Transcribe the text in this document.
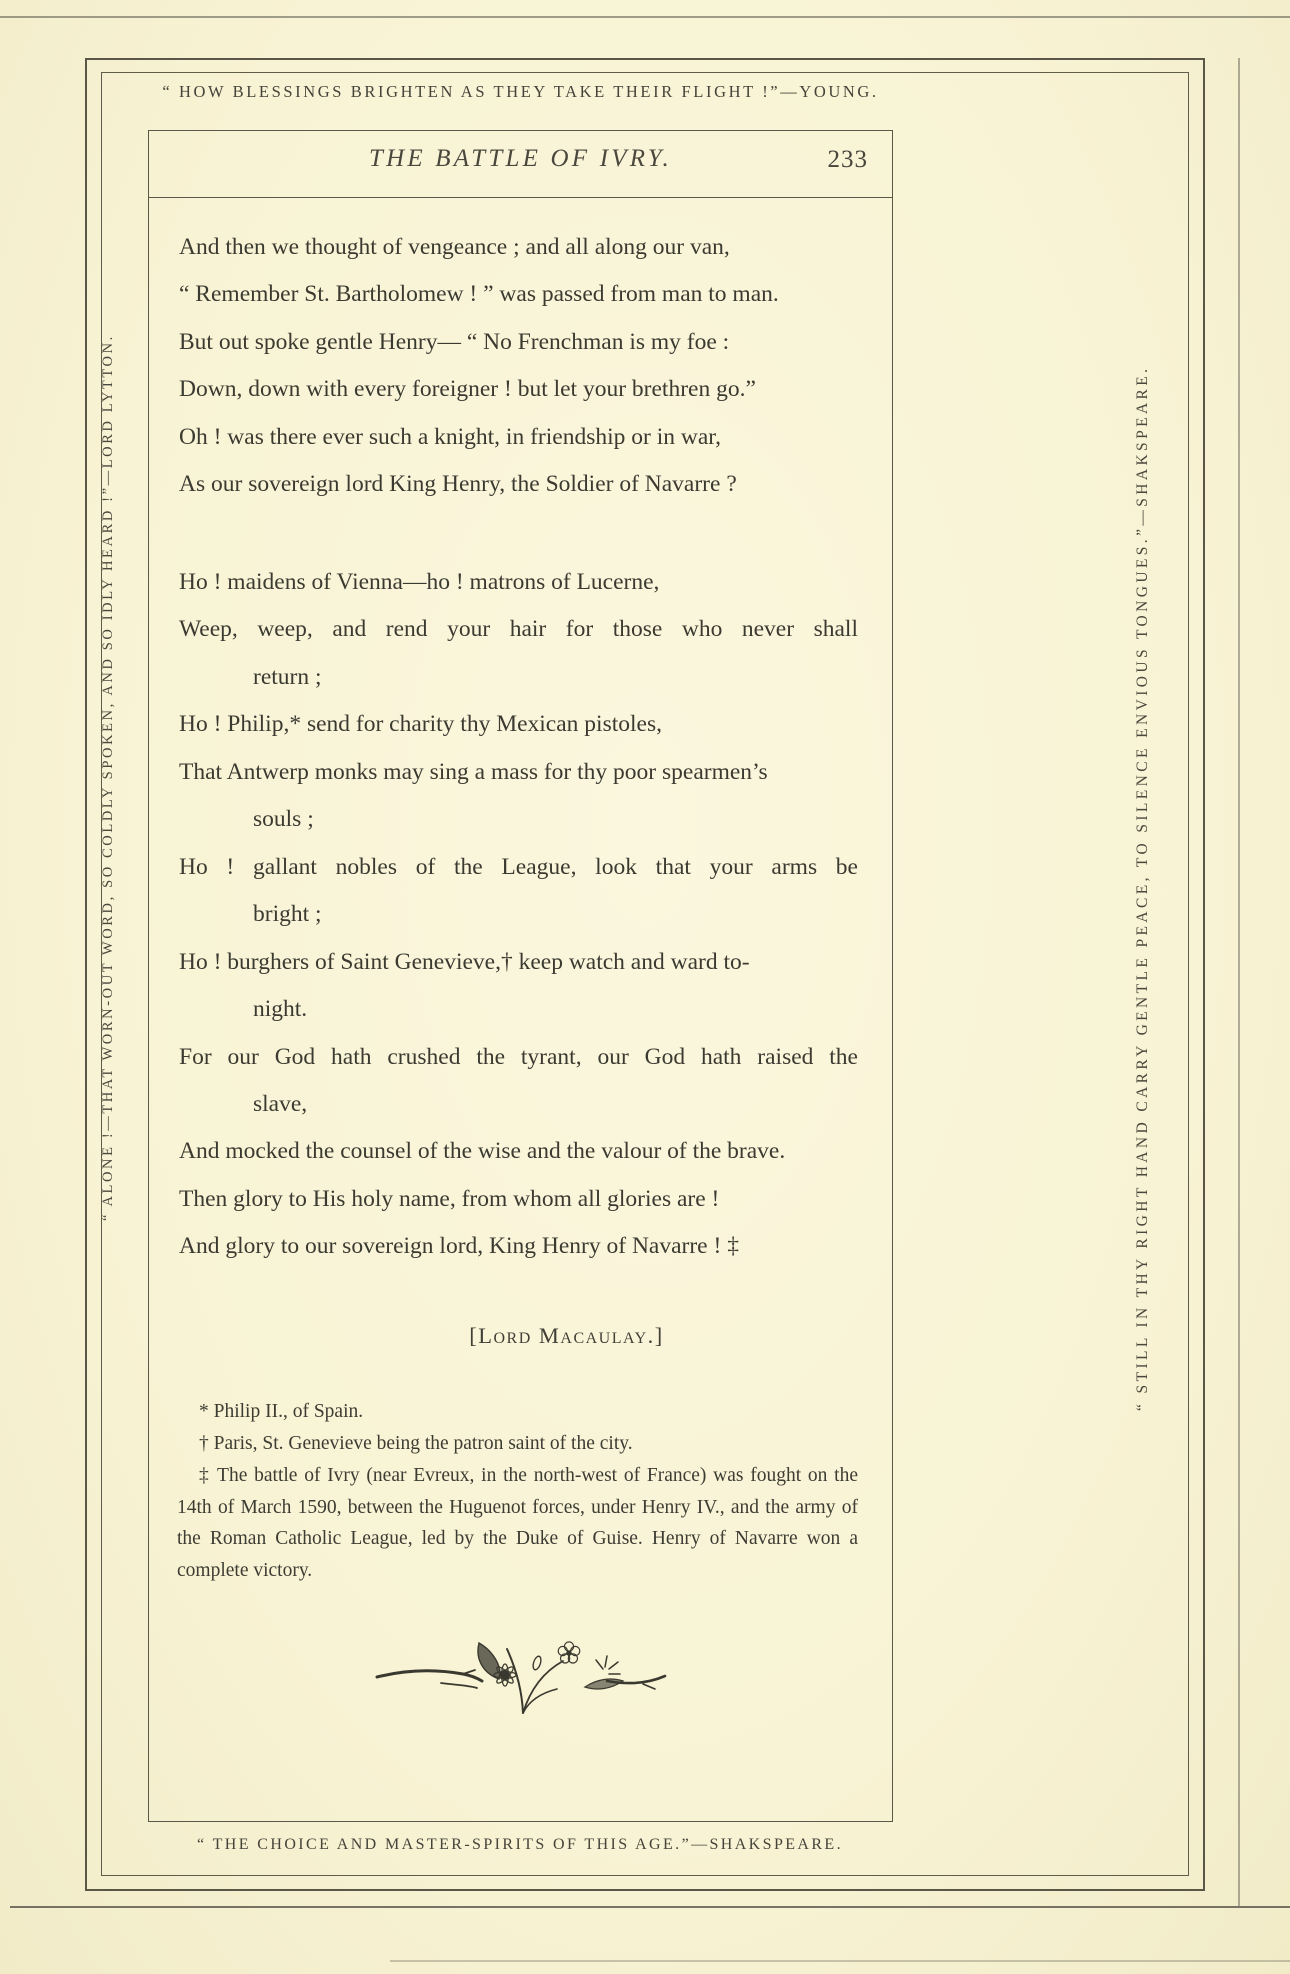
“ HOW BLESSINGS BRIGHTEN AS THEY TAKE THEIR FLIGHT !”—YOUNG.
“ ALONE !—THAT WORN-OUT WORD, SO COLDLY SPOKEN, AND SO IDLY HEARD !”—LORD LYTTON.	“ STILL IN THY RIGHT HAND CARRY GENTLE PEACE, TO SILENCE ENVIOUS TONGUES.”—SHAKSPEARE.
THE BATTLE OF IVRY.	233
And then we thought of vengeance ; and all along our van,
“ Remember St. Bartholomew ! ” was passed from man to man.
But out spoke gentle Henry— “ No Frenchman is my foe :
Down, down with every foreigner ! but let your brethren go.”
Oh ! was there ever such a knight, in friendship or in war,
As our sovereign lord King Henry, the Soldier of Navarre ?
Ho ! maidens of Vienna—ho ! matrons of Lucerne,
Weep, weep, and rend your hair for those who never shall
return ;
Ho ! Philip,* send for charity thy Mexican pistoles,
That Antwerp monks may sing a mass for thy poor spearmen’s
souls ;
Ho ! gallant nobles of the League, look that your arms be
bright ;
Ho ! burghers of Saint Genevieve,† keep watch and ward to-
night.
For our God hath crushed the tyrant, our God hath raised the
slave,
And mocked the counsel of the wise and the valour of the brave.
Then glory to His holy name, from whom all glories are !
And glory to our sovereign lord, King Henry of Navarre ! ‡
[Lord Macaulay.]
* Philip II., of Spain.
† Paris, St. Genevieve being the patron saint of the city.
‡ The battle of Ivry (near Evreux, in the north-west of France) was fought on the 14th of March 1590, between the Huguenot forces, under Henry IV., and the army of the Roman Catholic League, led by the Duke of Guise. Henry of Navarre won a complete victory.
“ THE CHOICE AND MASTER-SPIRITS OF THIS AGE.”—SHAKSPEARE.
